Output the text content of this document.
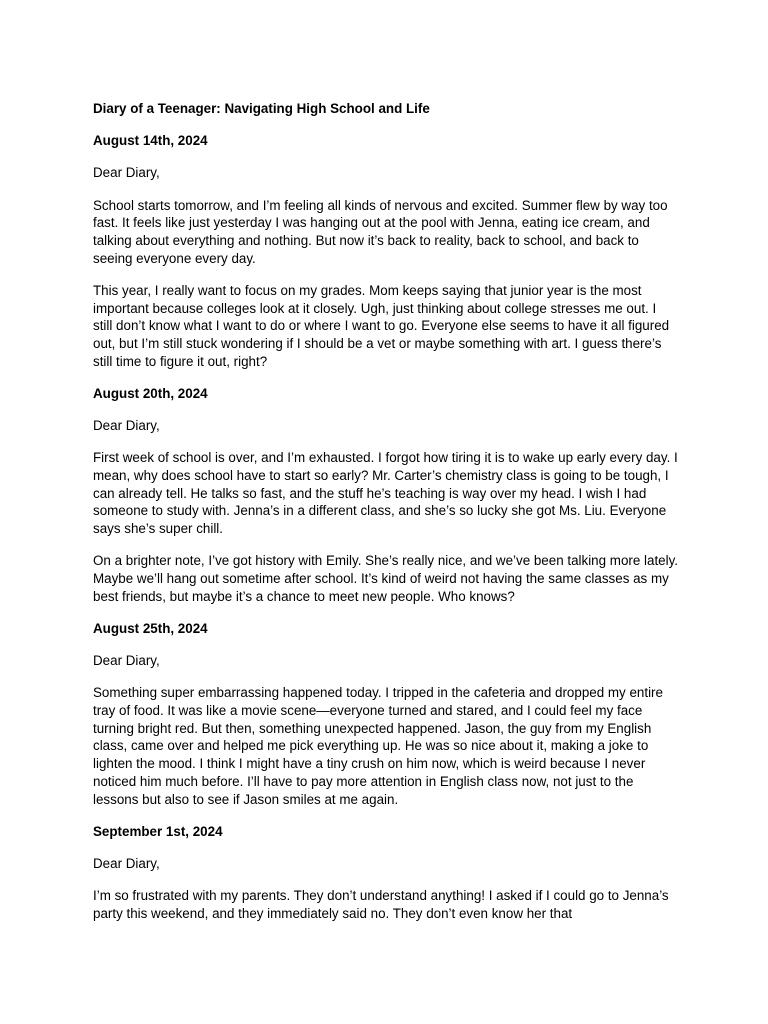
Diary of a Teenager: Navigating High School and Life
August 14th, 2024
Dear Diary,
School starts tomorrow, and I’m feeling all kinds of nervous and excited. Summer flew by way too fast. It feels like just yesterday I was hanging out at the pool with Jenna, eating ice cream, and talking about everything and nothing. But now it’s back to reality, back to school, and back to seeing everyone every day.
This year, I really want to focus on my grades. Mom keeps saying that junior year is the most important because colleges look at it closely. Ugh, just thinking about college stresses me out. I still don’t know what I want to do or where I want to go. Everyone else seems to have it all figured out, but I’m still stuck wondering if I should be a vet or maybe something with art. I guess there’s still time to figure it out, right?
August 20th, 2024
Dear Diary,
First week of school is over, and I’m exhausted. I forgot how tiring it is to wake up early every day. I mean, why does school have to start so early? Mr. Carter’s chemistry class is going to be tough, I can already tell. He talks so fast, and the stuff he’s teaching is way over my head. I wish I had someone to study with. Jenna’s in a different class, and she’s so lucky she got Ms. Liu. Everyone says she’s super chill.
On a brighter note, I’ve got history with Emily. She’s really nice, and we’ve been talking more lately. Maybe we’ll hang out sometime after school. It’s kind of weird not having the same classes as my best friends, but maybe it’s a chance to meet new people. Who knows?
August 25th, 2024
Dear Diary,
Something super embarrassing happened today. I tripped in the cafeteria and dropped my entire tray of food. It was like a movie scene—everyone turned and stared, and I could feel my face turning bright red. But then, something unexpected happened. Jason, the guy from my English class, came over and helped me pick everything up. He was so nice about it, making a joke to lighten the mood. I think I might have a tiny crush on him now, which is weird because I never noticed him much before. I’ll have to pay more attention in English class now, not just to the lessons but also to see if Jason smiles at me again.
September 1st, 2024
Dear Diary,
I’m so frustrated with my parents. They don’t understand anything! I asked if I could go to Jenna’s party this weekend, and they immediately said no. They don’t even know her that
